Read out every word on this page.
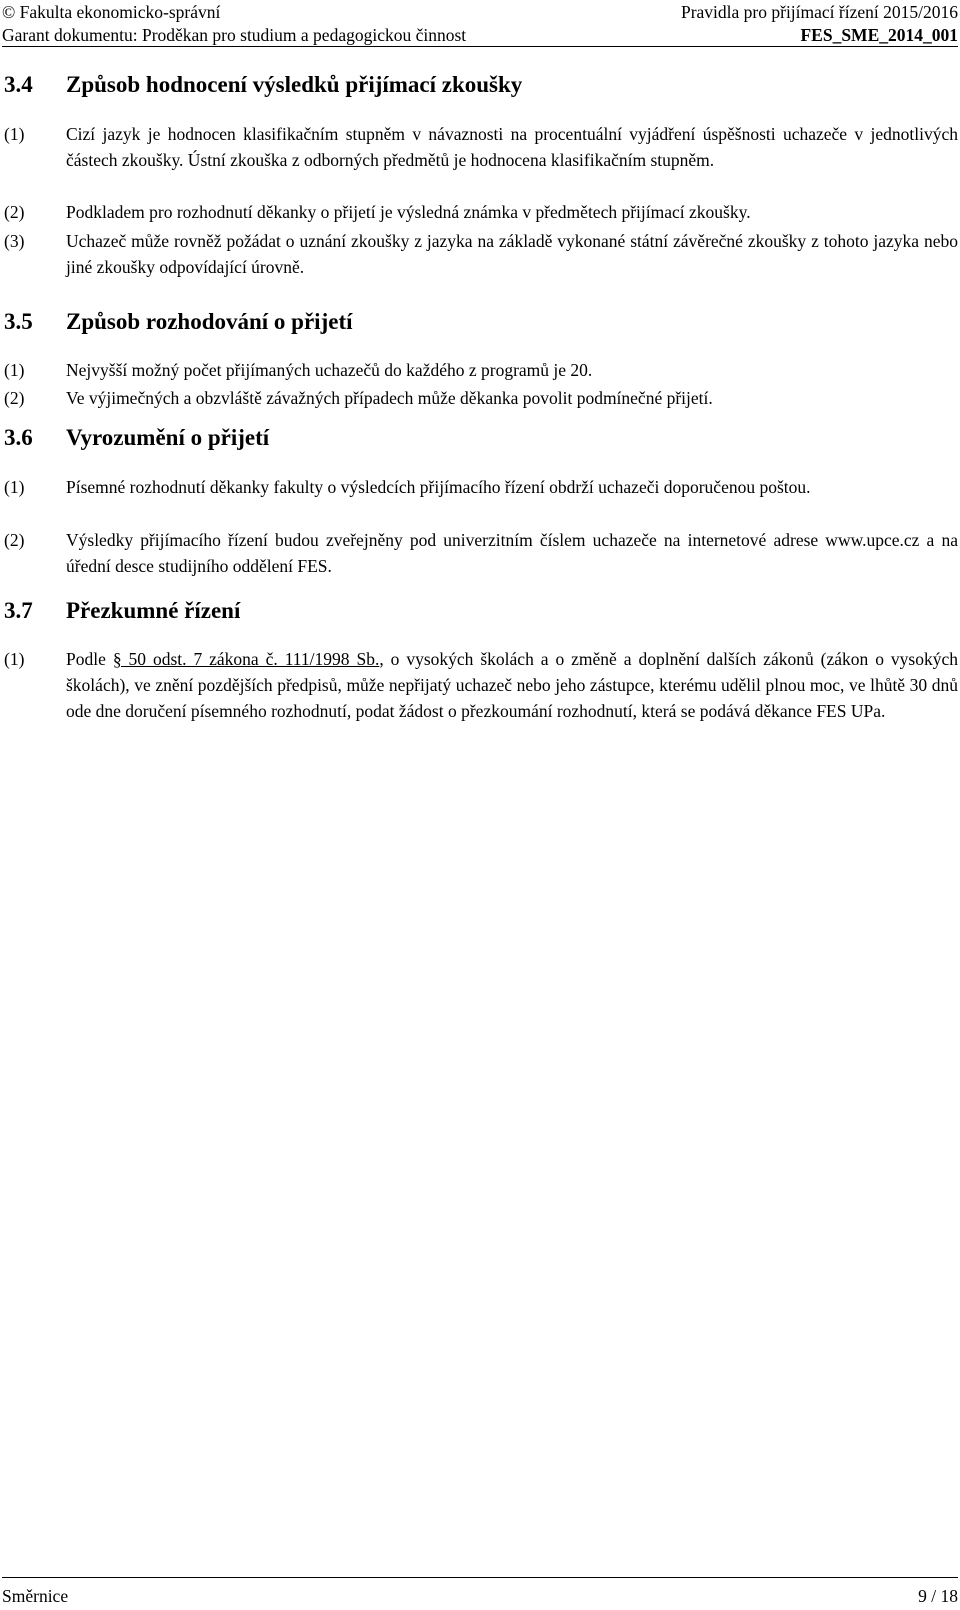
© Fakulta ekonomicko-správní	Pravidla pro přijímací řízení 2015/2016
Garant dokumentu: Proděkan pro studium a pedagogickou činnost	FES_SME_2014_001
3.4 Způsob hodnocení výsledků přijímací zkoušky
(1) Cizí jazyk je hodnocen klasifikačním stupněm v návaznosti na procentuální vyjádření úspěšnosti uchazeče v jednotlivých částech zkoušky. Ústní zkouška z odborných předmětů je hodnocena klasifikačním stupněm.
(2) Podkladem pro rozhodnutí děkanky o přijetí je výsledná známka v předmětech přijímací zkoušky.
(3) Uchazeč může rovněž požádat o uznání zkoušky z jazyka na základě vykonané státní závěrečné zkoušky z tohoto jazyka nebo jiné zkoušky odpovídající úrovně.
3.5 Způsob rozhodování o přijetí
(1) Nejvyšší možný počet přijímaných uchazečů do každého z programů je 20.
(2) Ve výjimečných a obzvláště závažných případech může děkanka povolit podmínečné přijetí.
3.6 Vyrozumění o přijetí
(1) Písemné rozhodnutí děkanky fakulty o výsledcích přijímacího řízení obdrží uchazeči doporučenou poštou.
(2) Výsledky přijímacího řízení budou zveřejněny pod univerzitním číslem uchazeče na internetové adrese www.upce.cz a na úřední desce studijního oddělení FES.
3.7 Přezkumné řízení
(1) Podle § 50 odst. 7 zákona č. 111/1998 Sb., o vysokých školách a o změně a doplnění dalších zákonů (zákon o vysokých školách), ve znění pozdějších předpisů, může nepřijatý uchazeč nebo jeho zástupce, kterému udělil plnou moc, ve lhůtě 30 dnů ode dne doručení písemného rozhodnutí, podat žádost o přezkoumání rozhodnutí, která se podává děkance FES UPa.
Směrnice	9 / 18
